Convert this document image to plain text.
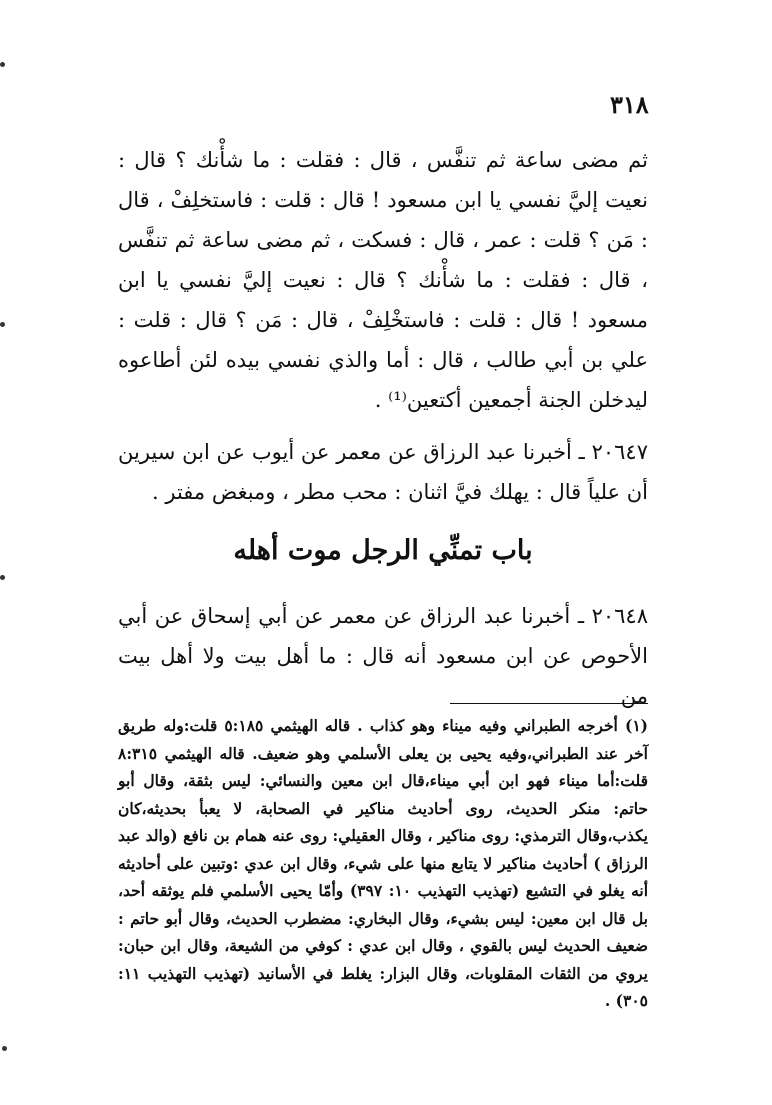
٣١٨

ثم مضى ساعة ثم تنفَّس ، قال : فقلت : ما شأْنك ؟ قال : نعيت إليَّ نفسي يا ابن مسعود ! قال : قلت : فاستخلِفْ ، قال : مَن ؟ قلت : عمر ، قال : فسكت ، ثم مضى ساعة ثم تنفَّس ، قال : فقلت : ما شأْنك ؟ قال : نعيت إليَّ نفسي يا ابن مسعود ! قال : قلت : فاستخْلِفْ ، قال : مَن ؟ قال : قلت : علي بن أبي طالب ، قال : أما والذي نفسي بيده لئن أطاعوه ليدخلن الجنة أجمعين أكتعين⁽¹⁾ .

٢٠٦٤٧ ـ أخبرنا عبد الرزاق عن معمر عن أيوب عن ابن سيرين أن علياً قال : يهلك فيَّ اثنان : محب مطر ، ومبغض مفتر .

باب تمنِّي الرجل موت أهله

٢٠٦٤٨ ـ أخبرنا عبد الرزاق عن معمر عن أبي إسحاق عن أبي الأحوص عن ابن مسعود أنه قال : ما أهل بيت ولا أهل بيت من

(١) أخرجه الطبراني وفيه ميناء وهو كذاب . قاله الهيثمي ٥:١٨٥ قلت:وله طريق آخر عند الطبراني،وفيه يحيى بن يعلى الأسلمي وهو ضعيف. قاله الهيثمي ٨:٣١٥ قلت:أما ميناء فهو ابن أبي ميناء،قال ابن معين والنسائي: ليس بثقة، وقال أبو حاتم: منكر الحديث، روى أحاديث مناكير في الصحابة، لا يعبأ بحديثه،كان يكذب،وقال الترمذي: روى مناكير ، وقال العقيلي: روى عنه همام بن نافع (والد عبد الرزاق ) أحاديث مناكير لا يتابع منها على شيء، وقال ابن عدي :وتبين على أحاديثه أنه يغلو في التشيع (تهذيب التهذيب ١٠: ٣٩٧) وأمّا يحيى الأسلمي فلم يوثقه أحد، بل قال ابن معين: ليس بشيء، وقال البخاري: مضطرب الحديث، وقال أبو حاتم : ضعيف الحديث ليس بالقوي ، وقال ابن عدي : كوفي من الشيعة، وقال ابن حبان: يروي من الثقات المقلوبات، وقال البزار: يغلط في الأسانيد (تهذيب التهذيب ١١: ٣٠٥) .
